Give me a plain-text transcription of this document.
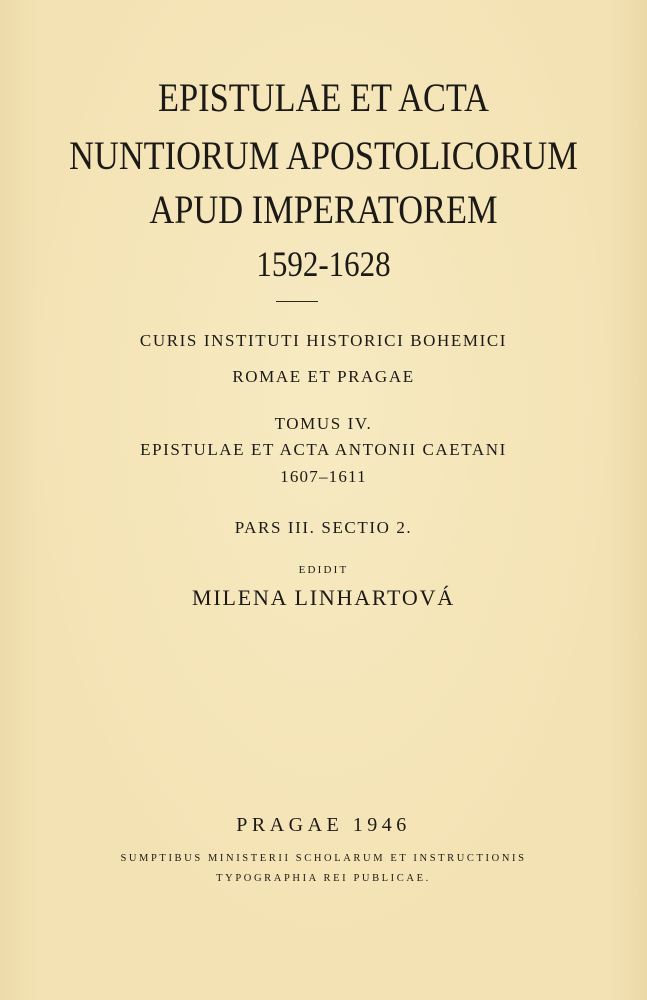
EPISTULAE ET ACTA
NUNTIORUM APOSTOLICORUM
APUD IMPERATOREM
1592-1628
CURIS INSTITUTI HISTORICI BOHEMICI
ROMAE ET PRAGAE
TOMUS IV.
EPISTULAE ET ACTA ANTONII CAETANI
1607–1611
PARS III. SECTIO 2.
EDIDIT
MILENA LINHARTOVÁ
PRAGAE 1946
SUMPTIBUS MINISTERII SCHOLARUM ET INSTRUCTIONIS
TYPOGRAPHIA REI PUBLICAE.
